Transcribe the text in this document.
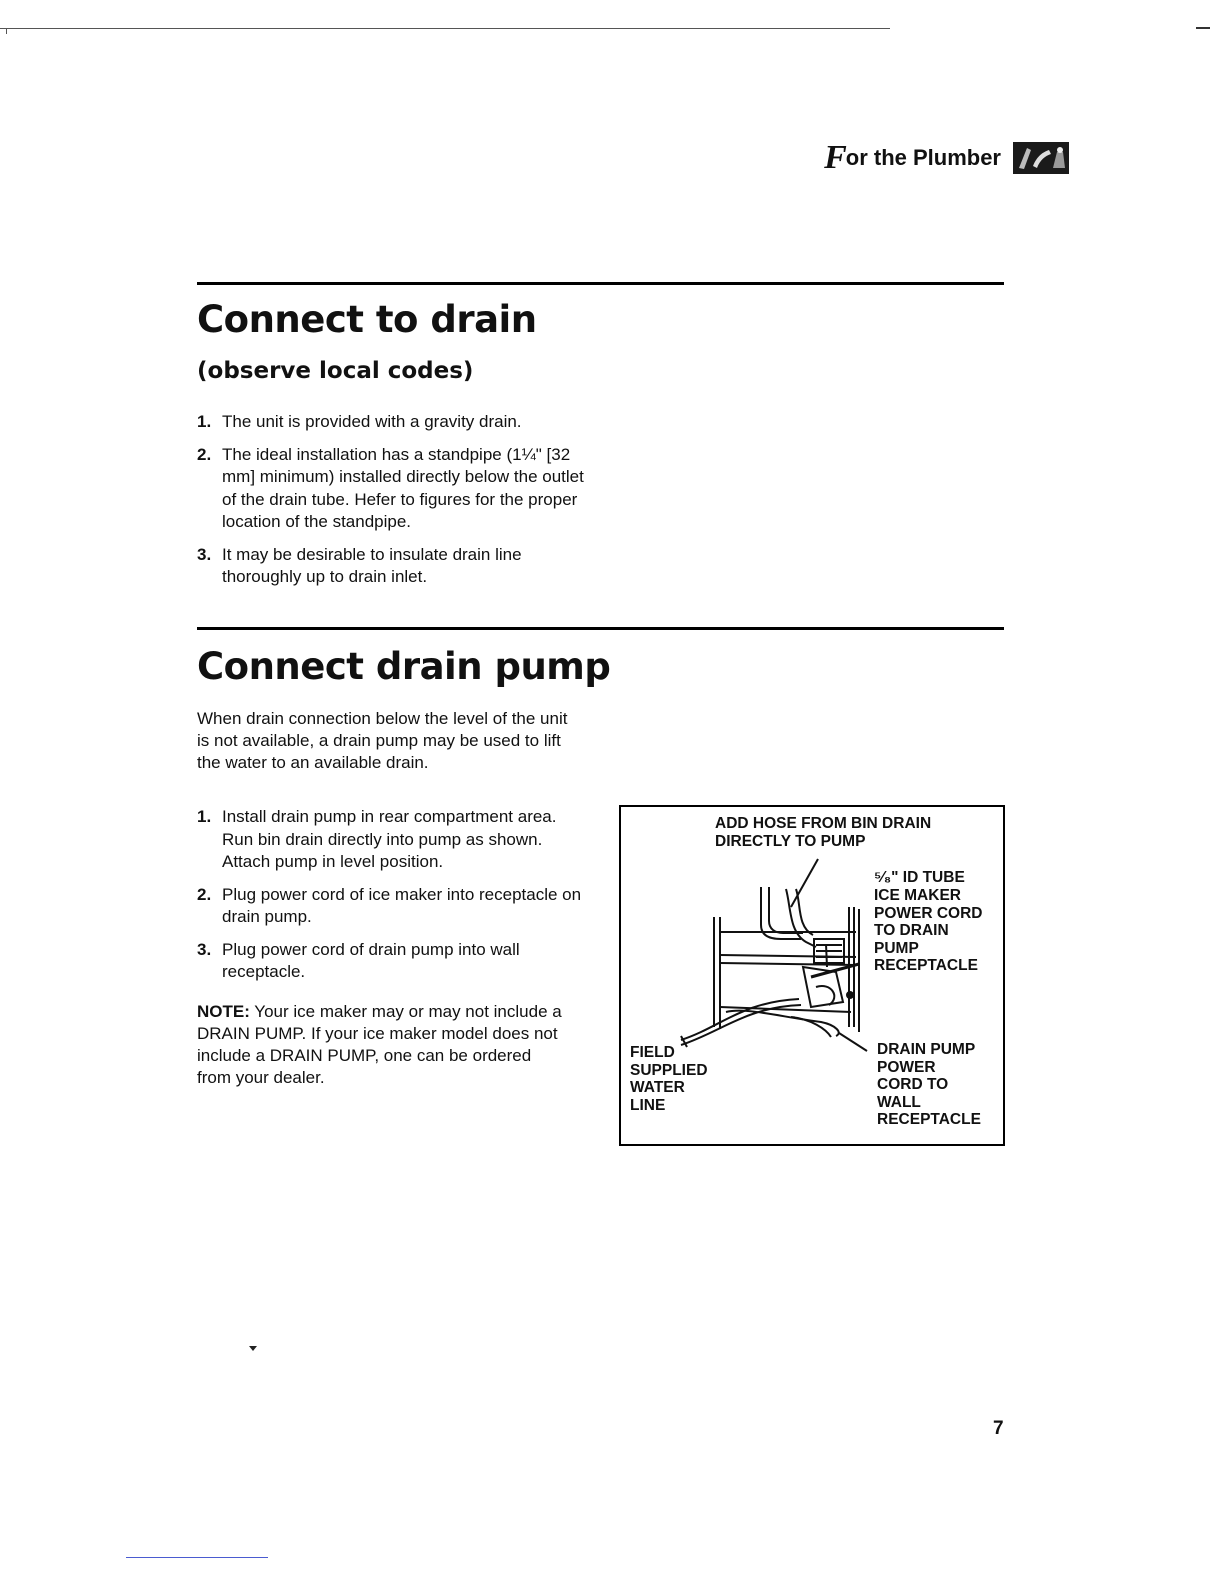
F or the Plumber
Connect to drain
(observe local codes)
1. The unit is provided with a gravity drain.
2. The ideal installation has a standpipe (1¼" [32 mm] minimum) installed directly below the outlet of the drain tube. Hefer to figures for the proper location of the standpipe.
3. It may be desirable to insulate drain line thoroughly up to drain inlet.
Connect drain pump

When drain connection below the level of the unit is not available, a drain pump may be used to lift the water to an available drain.

1. Install drain pump in rear compartment area. Run bin drain directly into pump as shown. Attach pump in level position.
2. Plug power cord of ice maker into receptacle on drain pump.
3. Plug power cord of drain pump into wall receptacle.

NOTE: Your ice maker may or may not include a DRAIN PUMP. If your ice maker model does not include a DRAIN PUMP, one can be ordered from your dealer.

ADD HOSE FROM BIN DRAIN
DIRECTLY TO PUMP
⁵⁄₈" ID TUBE
ICE MAKER
POWER CORD
TO DRAIN
PUMP
RECEPTACLE
FIELD
SUPPLIED
WATER
LINE
DRAIN PUMP
POWER
CORD TO
WALL
RECEPTACLE
7
